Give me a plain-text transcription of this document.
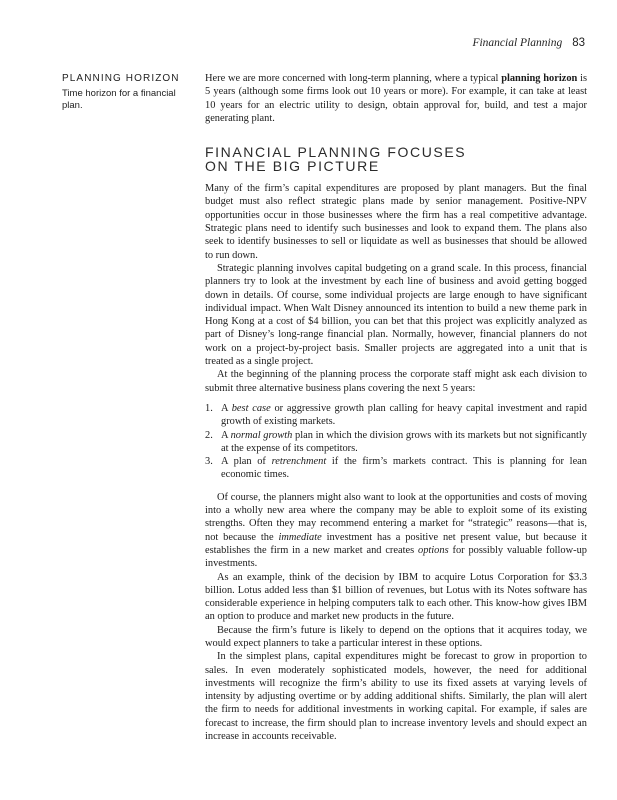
Financial Planning 83
PLANNING HORIZON
Time horizon for a financial plan.

Here we are more concerned with long-term planning, where a typical planning horizon is 5 years (although some firms look out 10 years or more). For example, it can take at least 10 years for an electric utility to design, obtain approval for, build, and test a major generating plant.

FINANCIAL PLANNING FOCUSES
ON THE BIG PICTURE

Many of the firm’s capital expenditures are proposed by plant managers. But the final budget must also reflect strategic plans made by senior management. Positive-NPV opportunities occur in those businesses where the firm has a real competitive advantage. Strategic plans need to identify such businesses and look to expand them. The plans also seek to identify businesses to sell or liquidate as well as businesses that should be allowed to run down.

Strategic planning involves capital budgeting on a grand scale. In this process, financial planners try to look at the investment by each line of business and avoid getting bogged down in details. Of course, some individual projects are large enough to have significant individual impact. When Walt Disney announced its intention to build a new theme park in Hong Kong at a cost of $4 billion, you can bet that this project was explicitly analyzed as part of Disney’s long-range financial plan. Normally, however, financial planners do not work on a project-by-project basis. Smaller projects are aggregated into a unit that is treated as a single project.

At the beginning of the planning process the corporate staff might ask each division to submit three alternative business plans covering the next 5 years:

1. A best case or aggressive growth plan calling for heavy capital investment and rapid growth of existing markets.
2. A normal growth plan in which the division grows with its markets but not significantly at the expense of its competitors.
3. A plan of retrenchment if the firm’s markets contract. This is planning for lean economic times.

Of course, the planners might also want to look at the opportunities and costs of moving into a wholly new area where the company may be able to exploit some of its existing strengths. Often they may recommend entering a market for “strategic” reasons—that is, not because the immediate investment has a positive net present value, but because it establishes the firm in a new market and creates options for possibly valuable follow-up investments.

As an example, think of the decision by IBM to acquire Lotus Corporation for $3.3 billion. Lotus added less than $1 billion of revenues, but Lotus with its Notes software has considerable experience in helping computers talk to each other. This know-how gives IBM an option to produce and market new products in the future.

Because the firm’s future is likely to depend on the options that it acquires today, we would expect planners to take a particular interest in these options.

In the simplest plans, capital expenditures might be forecast to grow in proportion to sales. In even moderately sophisticated models, however, the need for additional investments will recognize the firm’s ability to use its fixed assets at varying levels of intensity by adjusting overtime or by adding additional shifts. Similarly, the plan will alert the firm to needs for additional investments in working capital. For example, if sales are forecast to increase, the firm should plan to increase inventory levels and should expect an increase in accounts receivable.
